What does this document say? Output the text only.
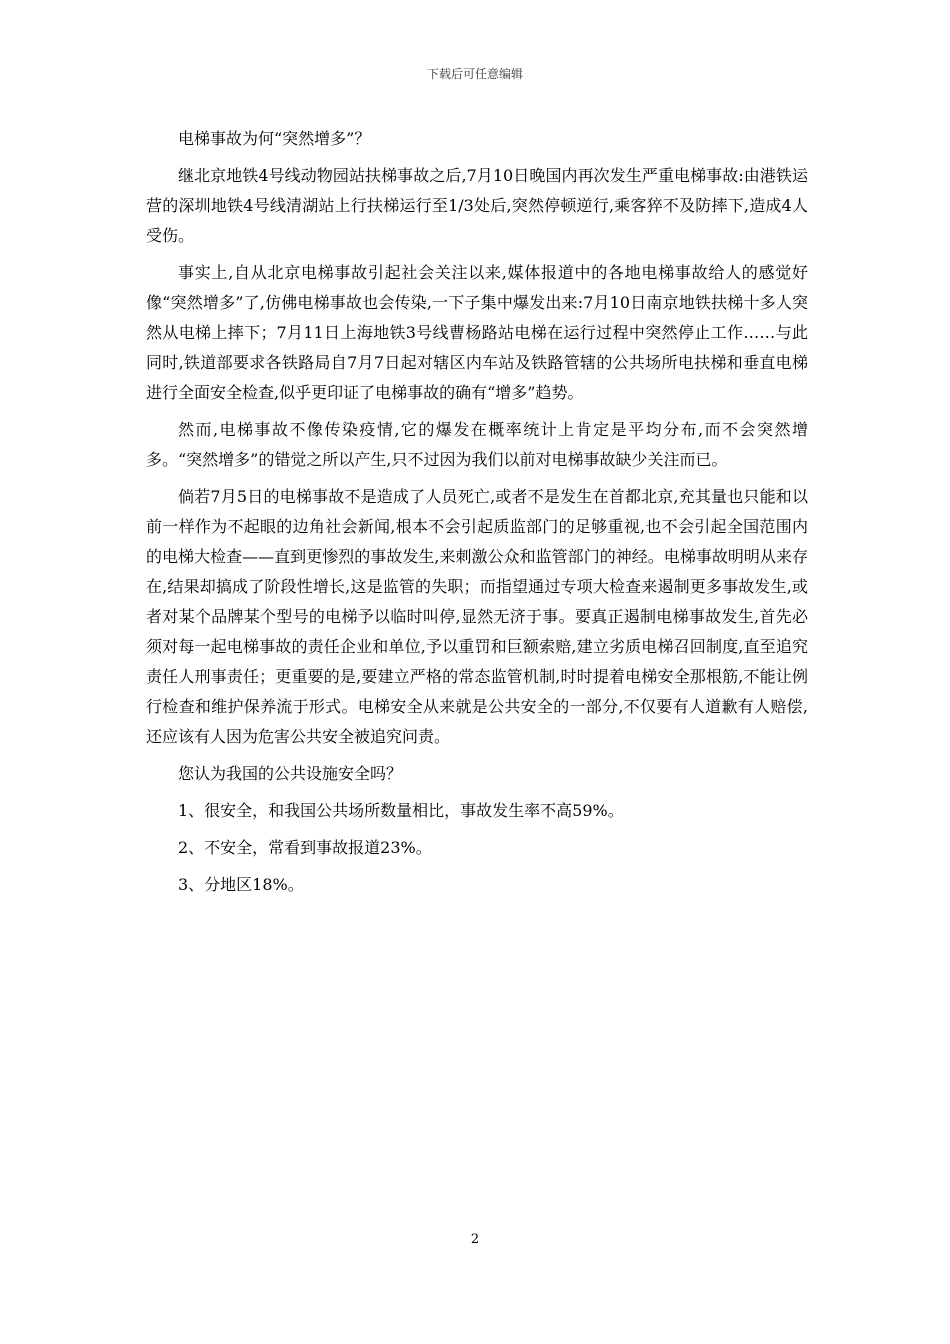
下载后可任意编辑

电梯事故为何“突然增多”？

继北京地铁4号线动物园站扶梯事故之后,7月10日晚国内再次发生严重电梯事故:由港铁运营的深圳地铁4号线清湖站上行扶梯运行至1/3处后,突然停顿逆行,乘客猝不及防摔下,造成4人受伤。

事实上,自从北京电梯事故引起社会关注以来,媒体报道中的各地电梯事故给人的感觉好像“突然增多”了,仿佛电梯事故也会传染,一下子集中爆发出来:7月10日南京地铁扶梯十多人突然从电梯上摔下；7月11日上海地铁3号线曹杨路站电梯在运行过程中突然停止工作……与此同时,铁道部要求各铁路局自7月7日起对辖区内车站及铁路管辖的公共场所电扶梯和垂直电梯进行全面安全检查,似乎更印证了电梯事故的确有“增多”趋势。

然而,电梯事故不像传染疫情,它的爆发在概率统计上肯定是平均分布,而不会突然增多。“突然增多”的错觉之所以产生,只不过因为我们以前对电梯事故缺少关注而已。

倘若7月5日的电梯事故不是造成了人员死亡,或者不是发生在首都北京,充其量也只能和以前一样作为不起眼的边角社会新闻,根本不会引起质监部门的足够重视,也不会引起全国范围内的电梯大检查——直到更惨烈的事故发生,来刺激公众和监管部门的神经。电梯事故明明从来存在,结果却搞成了阶段性增长,这是监管的失职；而指望通过专项大检查来遏制更多事故发生,或者对某个品牌某个型号的电梯予以临时叫停,显然无济于事。要真正遏制电梯事故发生,首先必须对每一起电梯事故的责任企业和单位,予以重罚和巨额索赔,建立劣质电梯召回制度,直至追究责任人刑事责任；更重要的是,要建立严格的常态监管机制,时时提着电梯安全那根筋,不能让例行检查和维护保养流于形式。电梯安全从来就是公共安全的一部分,不仅要有人道歉有人赔偿,还应该有人因为危害公共安全被追究问责。

您认为我国的公共设施安全吗？

1、很安全，和我国公共场所数量相比，事故发生率不高59%。

2、不安全，常看到事故报道23%。

3、分地区18%。

2
